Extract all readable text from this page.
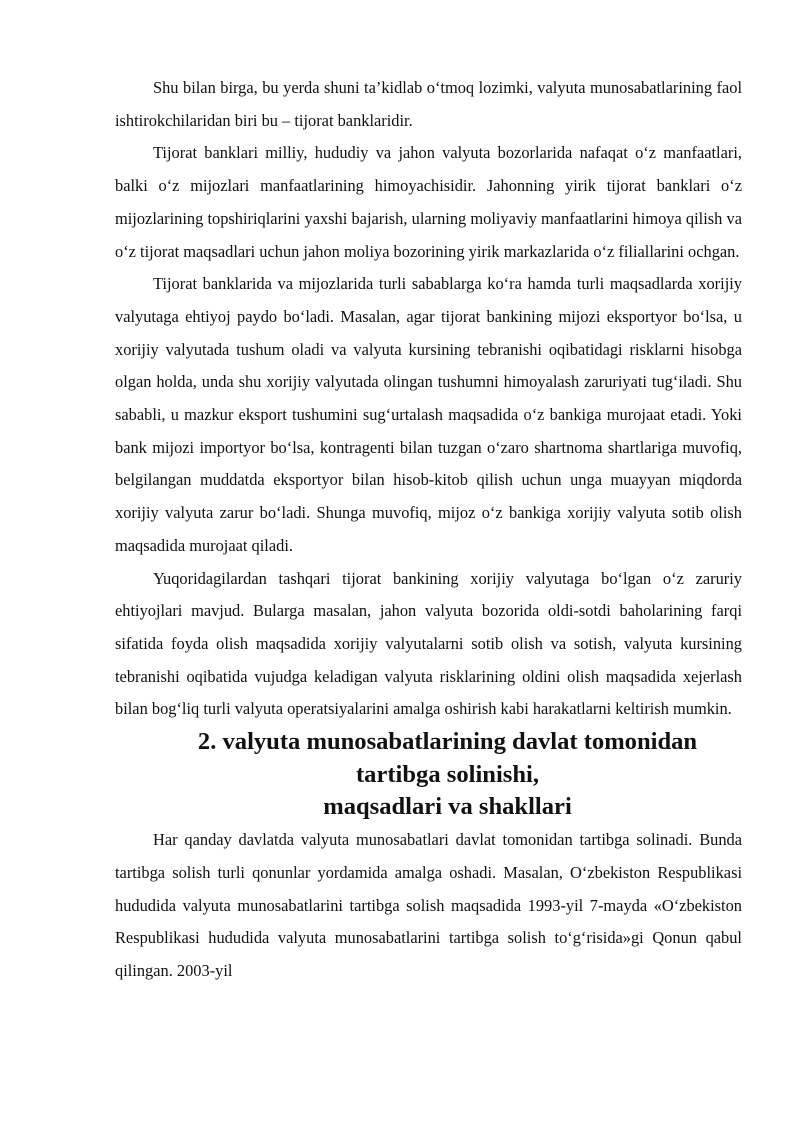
Shu bilan birga, bu yerda shuni ta’kidlab o‘tmoq lozimki, valyuta munosabatlarining faol ishtirokchilaridan biri bu – tijorat banklaridir.

Tijorat banklari milliy, hududiy va jahon valyuta bozorlarida nafaqat o‘z manfaatlari, balki o‘z mijozlari manfaatlarining himoyachisidir. Jahonning yirik tijorat banklari o‘z mijozlarining topshiriqlarini yaxshi bajarish, ularning moliyaviy manfaatlarini himoya qilish va o‘z tijorat maqsadlari uchun jahon moliya bozorining yirik markazlarida o‘z filiallarini ochgan.

Tijorat banklarida va mijozlarida turli sabablarga ko‘ra hamda turli maqsadlarda xorijiy valyutaga ehtiyoj paydo bo‘ladi. Masalan, agar tijorat bankining mijozi eksportyor bo‘lsa, u xorijiy valyutada tushum oladi va valyuta kursining tebranishi oqibatidagi risklarni hisobga olgan holda, unda shu xorijiy valyutada olingan tushumni himoyalash zaruriyati tug‘iladi. Shu sababli, u mazkur eksport tushumini sug‘urtalash maqsadida o‘z bankiga murojaat etadi. Yoki bank mijozi importyor bo‘lsa, kontragenti bilan tuzgan o‘zaro shartnoma shartlariga muvofiq, belgilangan muddatda eksportyor bilan hisob-kitob qilish uchun unga muayyan miqdorda xorijiy valyuta zarur bo‘ladi. Shunga muvofiq, mijoz o‘z bankiga xorijiy valyuta sotib olish maqsadida murojaat qiladi.

Yuqoridagilardan tashqari tijorat bankining xorijiy valyutaga bo‘lgan o‘z zaruriy ehtiyojlari mavjud. Bularga masalan, jahon valyuta bozorida oldi-sotdi baholarining farqi sifatida foyda olish maqsadida xorijiy valyutalarni sotib olish va sotish, valyuta kursining tebranishi oqibatida vujudga keladigan valyuta risklarining oldini olish maqsadida xejerlash bilan bog‘liq turli valyuta operatsiyalarini amalga oshirish kabi harakatlarni keltirish mumkin.

2. valyuta munosabatlarining davlat tomonidan tartibga solinishi,
maqsadlari va shakllari

Har qanday davlatda valyuta munosabatlari davlat tomonidan tartibga solinadi. Bunda tartibga solish turli qonunlar yordamida amalga oshadi. Masalan, O‘zbekiston Respublikasi hududida valyuta munosabatlarini tartibga solish maqsadida 1993-yil 7-mayda «O‘zbekiston Respublikasi hududida valyuta munosabatlarini tartibga solish to‘g‘risida»gi Qonun qabul qilingan. 2003-yil
